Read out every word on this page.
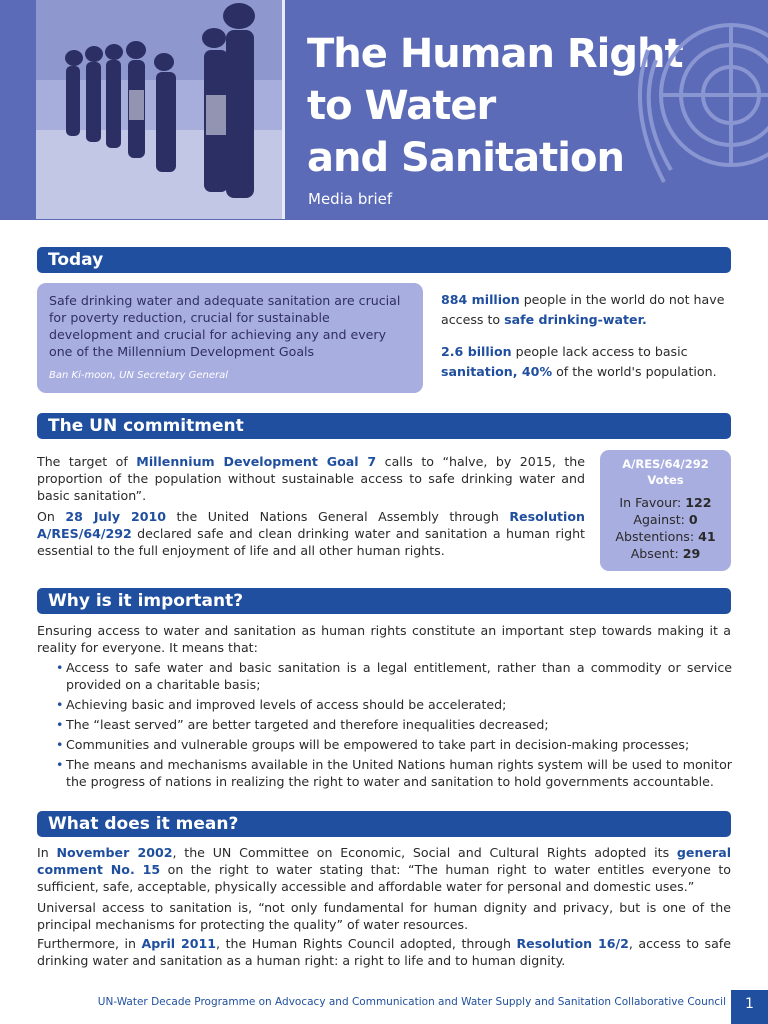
The Human Right
to Water
and Sanitation
Media brief
Today
Safe drinking water and adequate sanitation are crucial for poverty reduction, crucial for sustainable development and crucial for achieving any and every one of the Millennium Development Goals
Ban Ki-moon, UN Secretary General
884 million people in the world do not have access to safe drinking-water.
2.6 billion people lack access to basic sanitation, 40% of the world's population.
The UN commitment
The target of Millennium Development Goal 7 calls to “halve, by 2015, the proportion of the population without sustainable access to safe drinking water and basic sanitation”.
On 28 July 2010 the United Nations General Assembly through Resolution A/RES/64/292 declared safe and clean drinking water and sanitation a human right essential to the full enjoyment of life and all other human rights.
A/RES/64/292
Votes
In Favour: 122
Against: 0
Abstentions: 41
Absent: 29
Why is it important?
Ensuring access to water and sanitation as human rights constitute an important step towards making it a reality for everyone. It means that:
• Access to safe water and basic sanitation is a legal entitlement, rather than a commodity or service provided on a charitable basis;
• Achieving basic and improved levels of access should be accelerated;
• The “least served” are better targeted and therefore inequalities decreased;
• Communities and vulnerable groups will be empowered to take part in decision-making processes;
• The means and mechanisms available in the United Nations human rights system will be used to monitor the progress of nations in realizing the right to water and sanitation to hold governments accountable.
What does it mean?
In November 2002, the UN Committee on Economic, Social and Cultural Rights adopted its general comment No. 15 on the right to water stating that: “The human right to water entitles everyone to sufficient, safe, acceptable, physically accessible and affordable water for personal and domestic uses.”
Universal access to sanitation is, “not only fundamental for human dignity and privacy, but is one of the principal mechanisms for protecting the quality” of water resources.
Furthermore, in April 2011, the Human Rights Council adopted, through Resolution 16/2, access to safe drinking water and sanitation as a human right: a right to life and to human dignity.
UN-Water Decade Programme on Advocacy and Communication and Water Supply and Sanitation Collaborative Council	1
